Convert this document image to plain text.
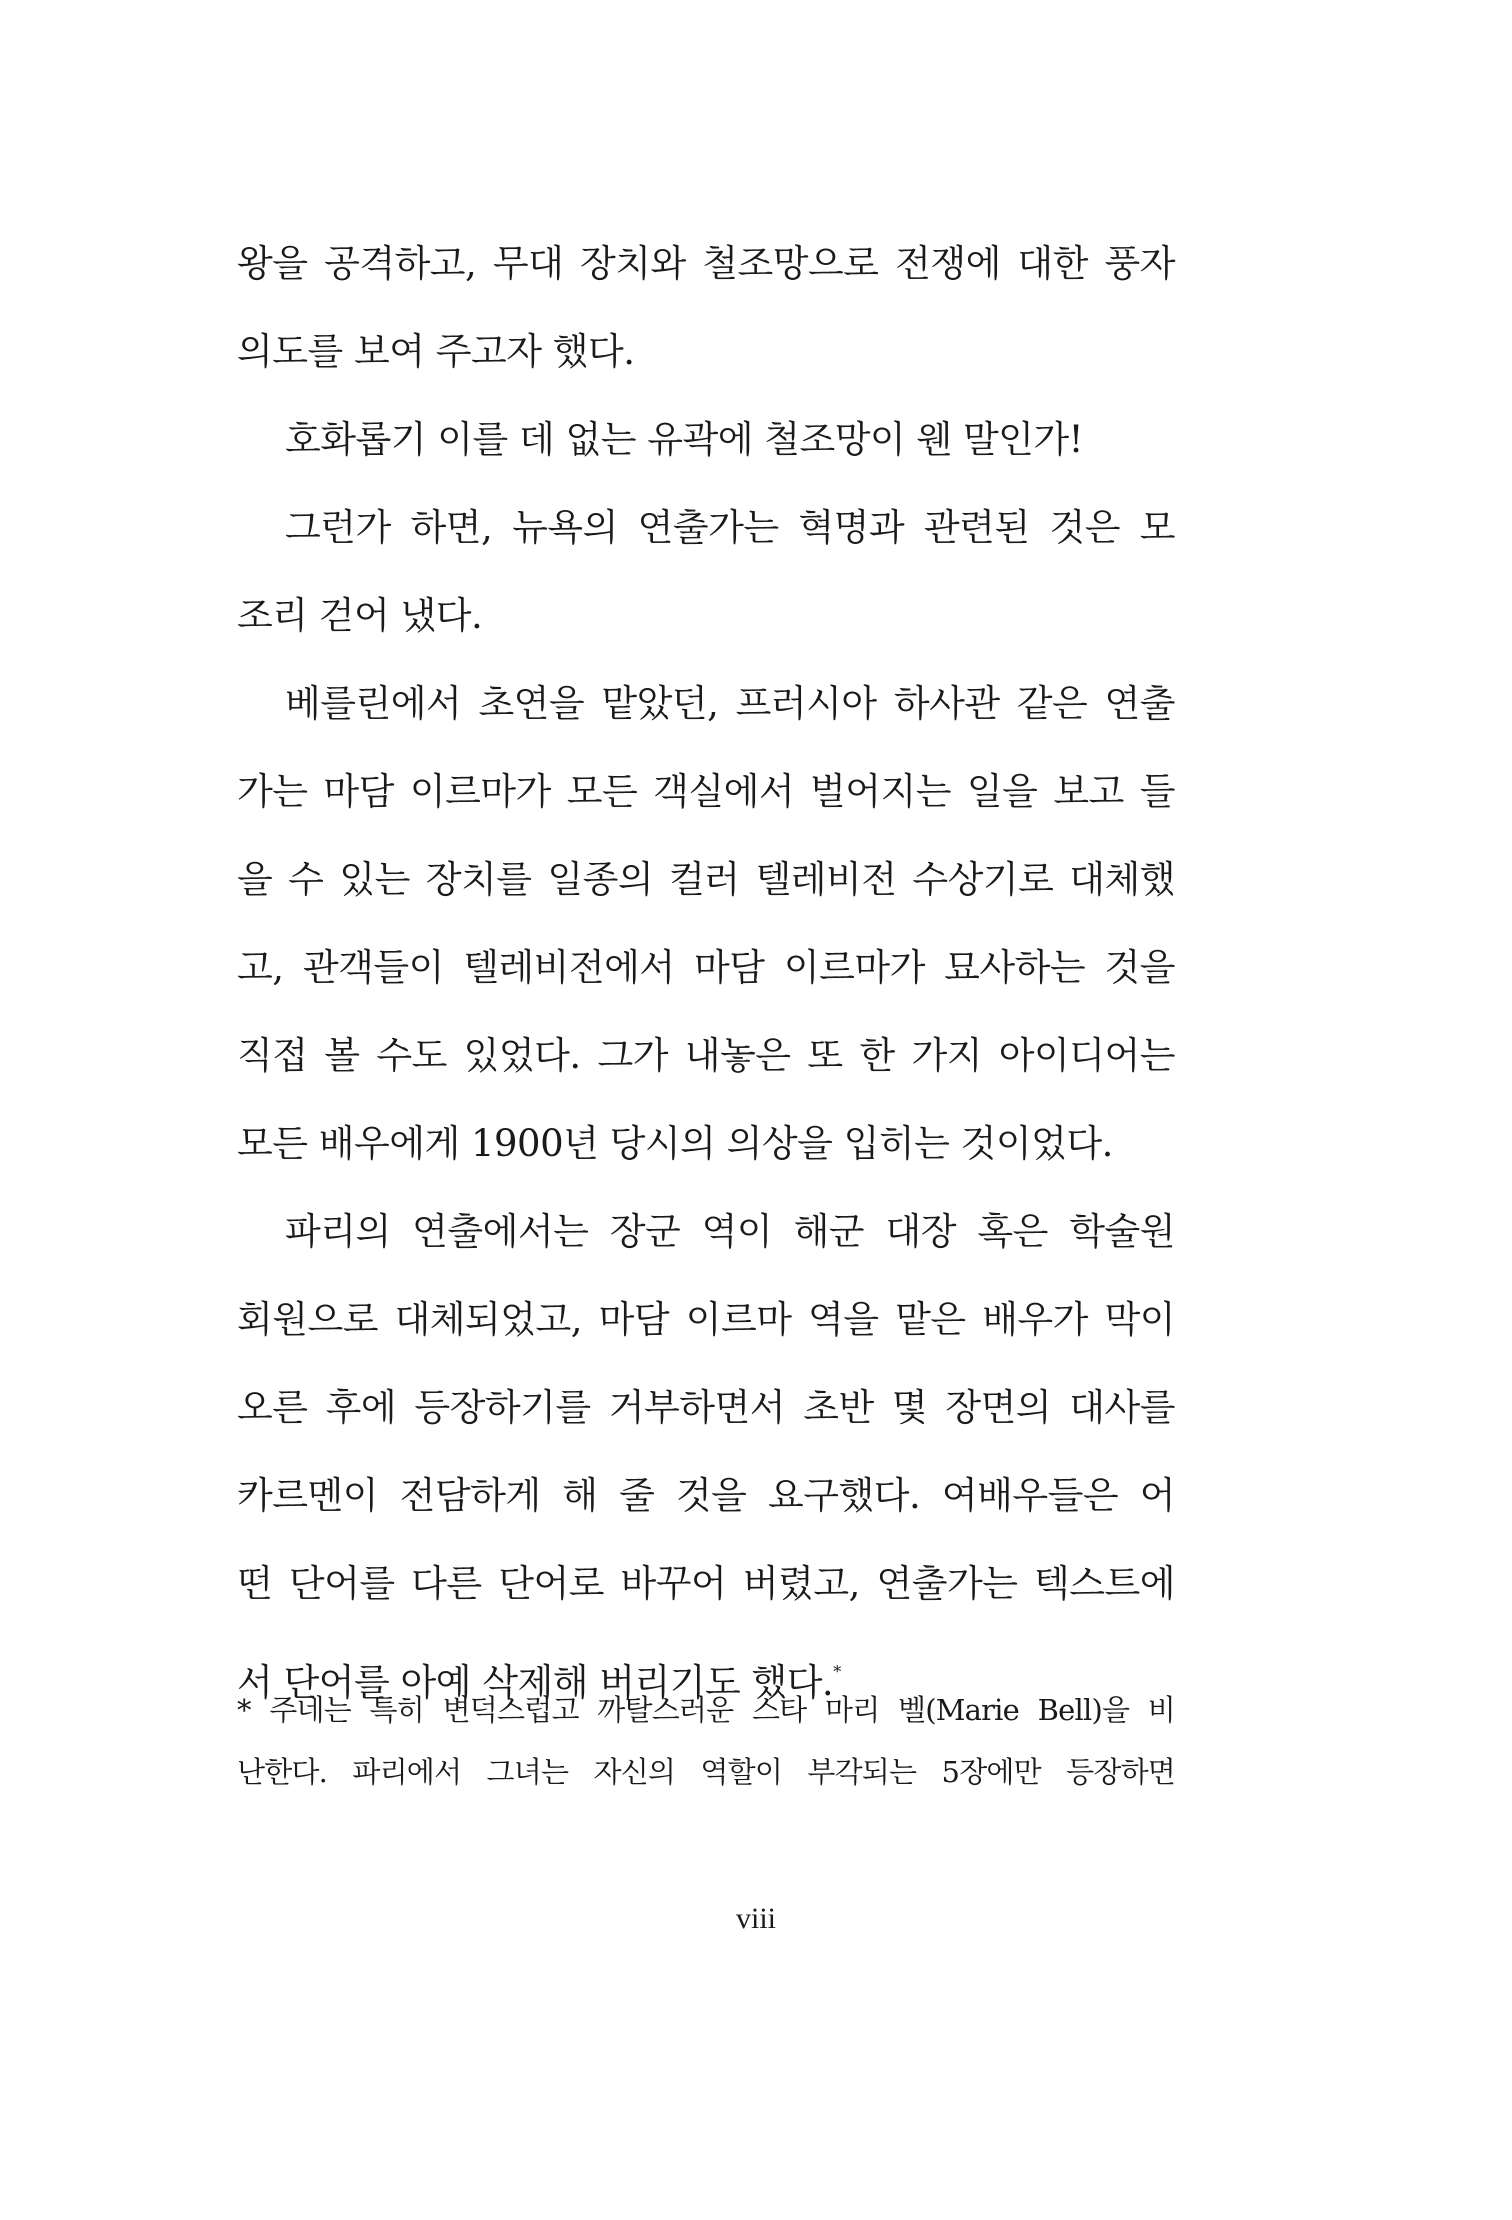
왕을 공격하고, 무대 장치와 철조망으로 전쟁에 대한 풍자
의도를 보여 주고자 했다.
호화롭기 이를 데 없는 유곽에 철조망이 웬 말인가!
그런가 하면, 뉴욕의 연출가는 혁명과 관련된 것은 모
조리 걷어 냈다.
베를린에서 초연을 맡았던, 프러시아 하사관 같은 연출
가는 마담 이르마가 모든 객실에서 벌어지는 일을 보고 들
을 수 있는 장치를 일종의 컬러 텔레비전 수상기로 대체했
고, 관객들이 텔레비전에서 마담 이르마가 묘사하는 것을
직접 볼 수도 있었다. 그가 내놓은 또 한 가지 아이디어는
모든 배우에게 1900년 당시의 의상을 입히는 것이었다.
파리의 연출에서는 장군 역이 해군 대장 혹은 학술원
회원으로 대체되었고, 마담 이르마 역을 맡은 배우가 막이
오른 후에 등장하기를 거부하면서 초반 몇 장면의 대사를
카르멘이 전담하게 해 줄 것을 요구했다. 여배우들은 어
떤 단어를 다른 단어로 바꾸어 버렸고, 연출가는 텍스트에
서 단어를 아예 삭제해 버리기도 했다.*
* 주네는 특히 변덕스럽고 까탈스러운 스타 마리 벨(Marie Bell)을 비
난한다. 파리에서 그녀는 자신의 역할이 부각되는 5장에만 등장하면
viii
